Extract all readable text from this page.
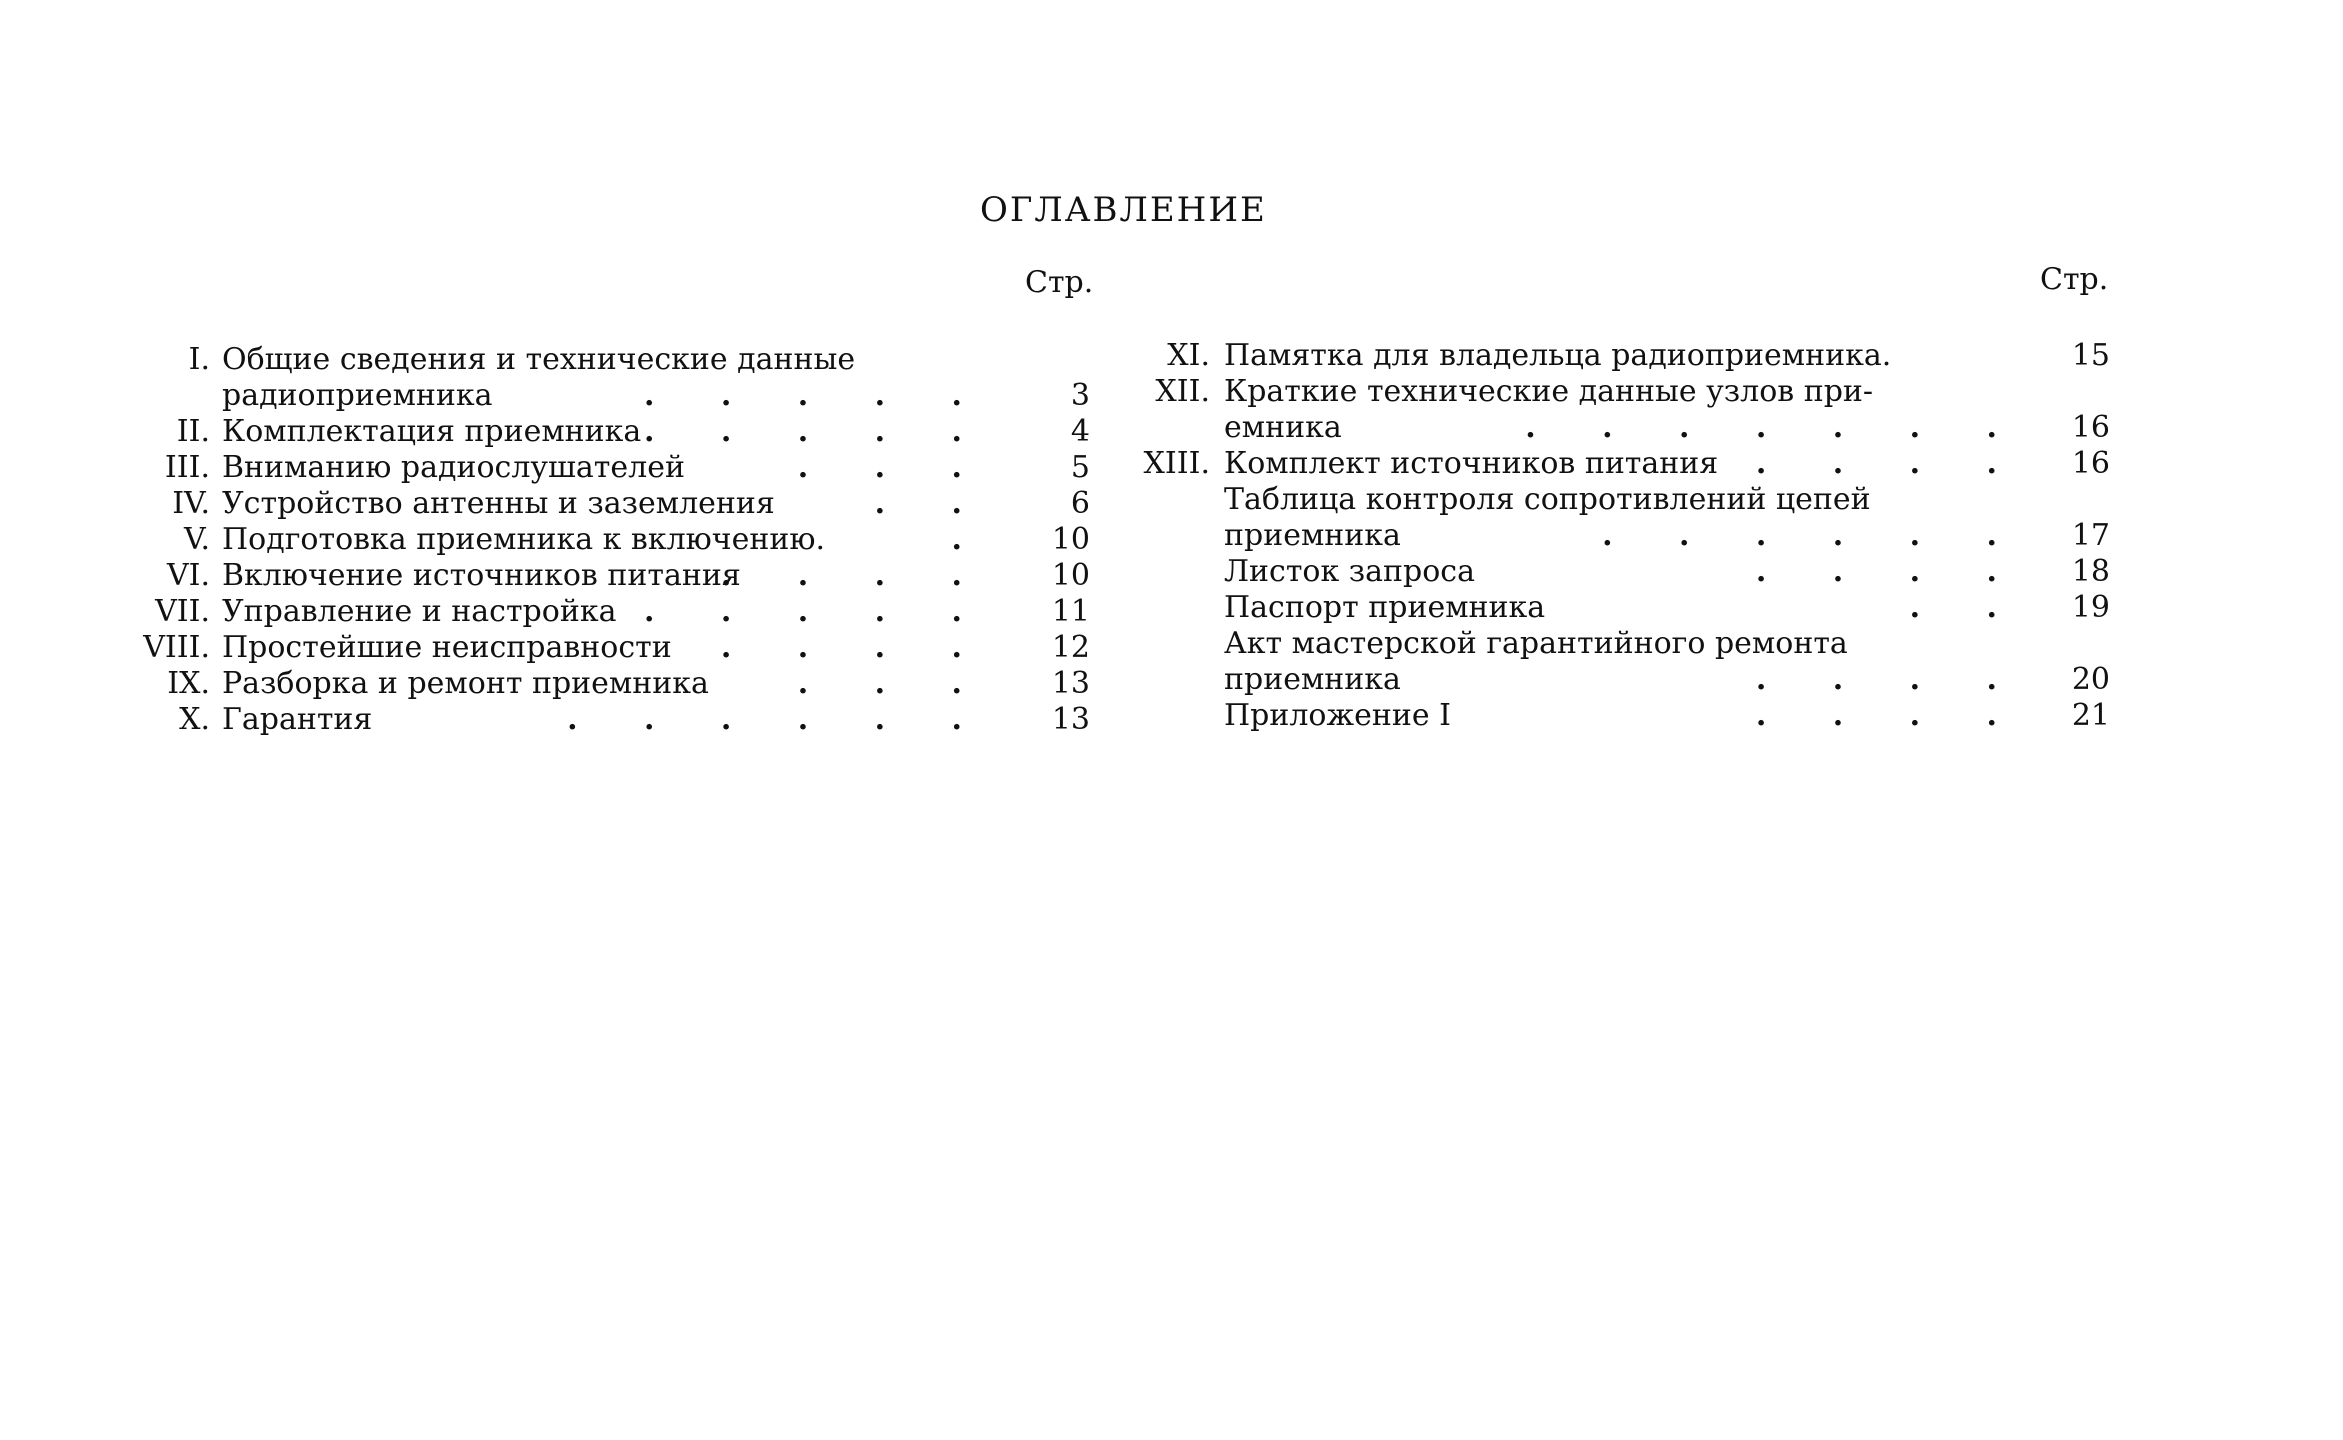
ОГЛАВЛЕНИЕ
Стр.	Стр.
I. Общие сведения и технические данные
радиоприемника	. . . . .	3
II. Комплектация приемника . . . . .	4
III. Вниманию радиослушателей	. . .	5
IV. Устройство антенны и заземления	. .	6
V. Подготовка приемника к включению.	.	10
VI. Включение источников питания
. . . .	10
VII. Управление и настройка . . . . .	11
VIII. Простейшие неисправности . . . .	12
IX. Разборка и ремонт приемника	. . .	13
X. Гарантия	. . . . . .	13
XI. Памятка для владельца радиоприемника.	15
XII. Краткие технические данные узлов при-
емника	. . . . . . .	16
XIII. Комплект источников питания . . . .	16
Таблица контроля сопротивлений цепей
приемника	. . . . . .	17
Листок запроса	. . . .	18
Паспорт приемника	. .	19
Акт мастерской гарантийного ремонта
приемника	. . . .	20
Приложение I	. . . .	21
